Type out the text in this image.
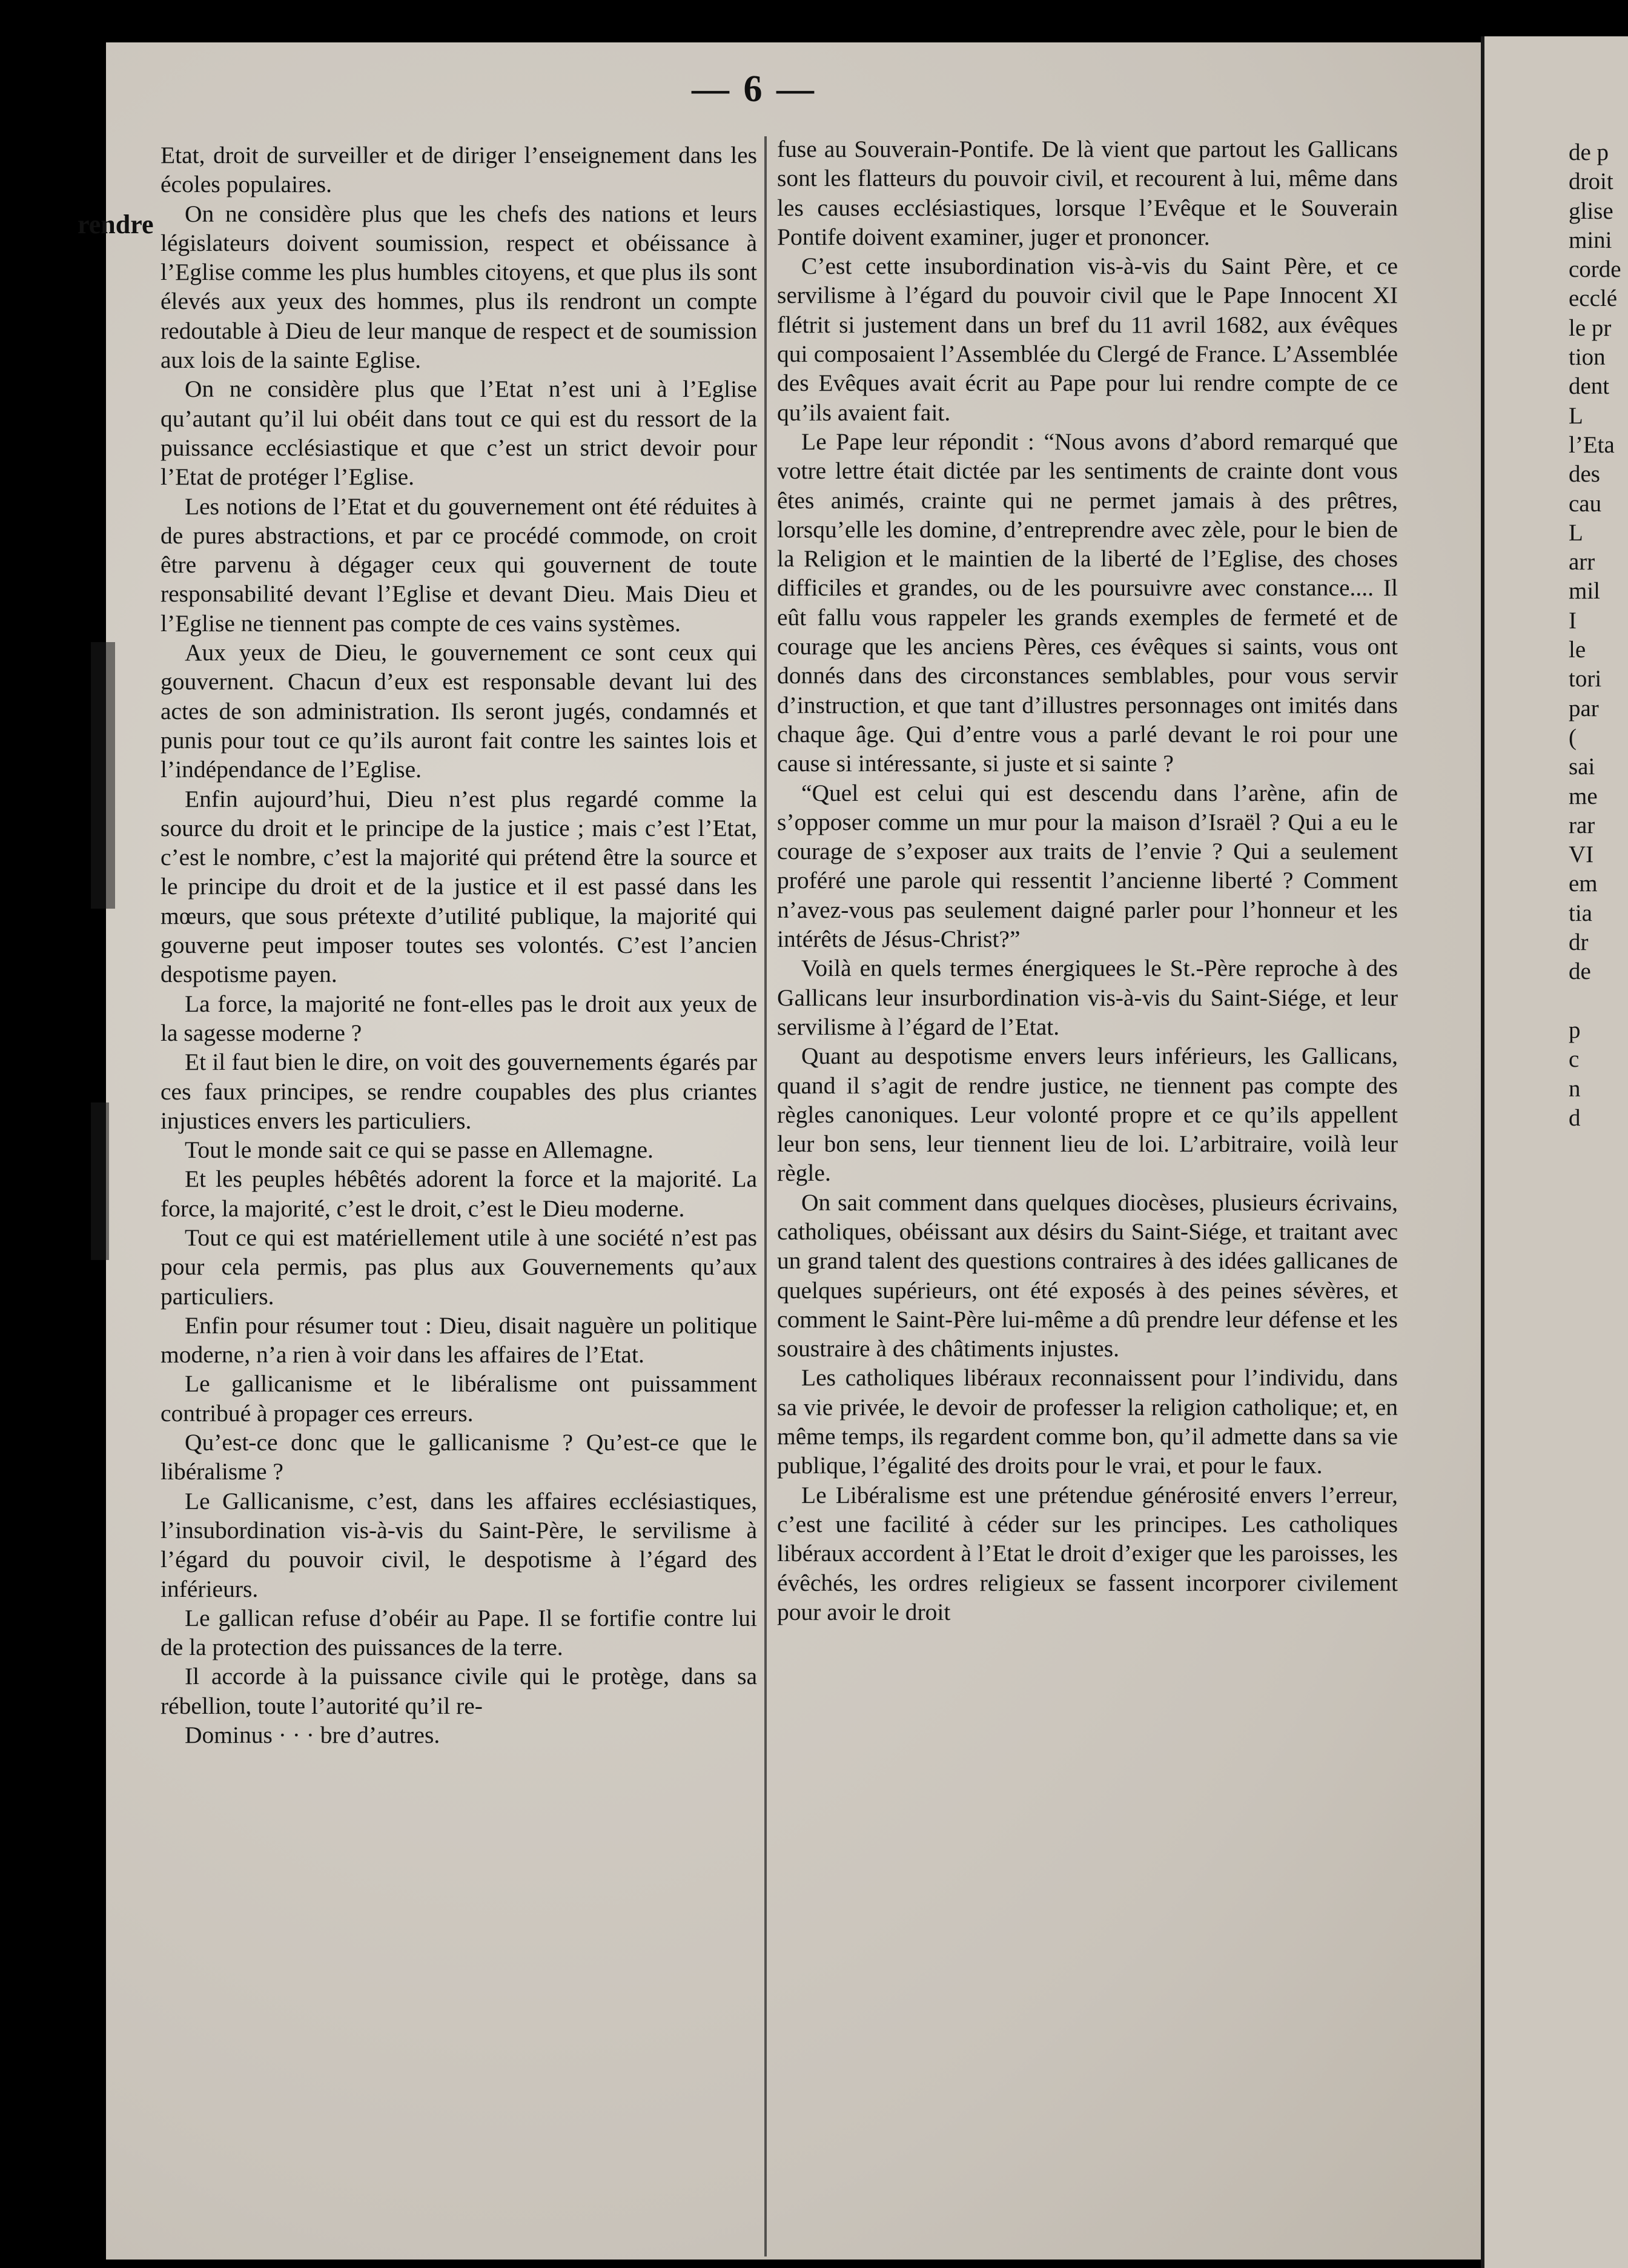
— 6 —
rendre

Etat, droit de surveiller et de diriger l’enseignement dans les écoles populaires.

On ne considère plus que les chefs des nations et leurs législateurs doivent soumission, respect et obéissance à l’Eglise comme les plus humbles citoyens, et que plus ils sont élevés aux yeux des hommes, plus ils rendront un compte redoutable à Dieu de leur manque de respect et de soumission aux lois de la sainte Eglise.

On ne considère plus que l’Etat n’est uni à l’Eglise qu’autant qu’il lui obéit dans tout ce qui est du ressort de la puissance ecclésiastique et que c’est un strict devoir pour l’Etat de protéger l’Eglise.

Les notions de l’Etat et du gouvernement ont été réduites à de pures abstractions, et par ce procédé commode, on croit être parvenu à dégager ceux qui gouvernent de toute responsabilité devant l’Eglise et devant Dieu. Mais Dieu et l’Eglise ne tiennent pas compte de ces vains systèmes.

Aux yeux de Dieu, le gouvernement ce sont ceux qui gouvernent. Chacun d’eux est responsable devant lui des actes de son administration. Ils seront jugés, condamnés et punis pour tout ce qu’ils auront fait contre les saintes lois et l’indépendance de l’Eglise.

Enfin aujourd’hui, Dieu n’est plus regardé comme la source du droit et le principe de la justice ; mais c’est l’Etat, c’est le nombre, c’est la majorité qui prétend être la source et le principe du droit et de la justice et il est passé dans les mœurs, que sous prétexte d’utilité publique, la majorité qui gouverne peut imposer toutes ses volontés. C’est l’ancien despotisme payen.

La force, la majorité ne font-elles pas le droit aux yeux de la sagesse moderne ?

Et il faut bien le dire, on voit des gouvernements égarés par ces faux principes, se rendre coupables des plus criantes injustices envers les particuliers.

Tout le monde sait ce qui se passe en Allemagne.

Et les peuples hébêtés adorent la force et la majorité. La force, la majorité, c’est le droit, c’est le Dieu moderne.

Tout ce qui est matériellement utile à une société n’est pas pour cela permis, pas plus aux Gouvernements qu’aux particuliers.

Enfin pour résumer tout : Dieu, disait naguère un politique moderne, n’a rien à voir dans les affaires de l’Etat.

Le gallicanisme et le libéralisme ont puissamment contribué à propager ces erreurs.

Qu’est-ce donc que le gallicanisme ? Qu’est-ce que le libéralisme ?

Le Gallicanisme, c’est, dans les affaires ecclésiastiques, l’insubordination vis-à-vis du Saint-Père, le servilisme à l’égard du pouvoir civil, le despotisme à l’égard des inférieurs.

Le gallican refuse d’obéir au Pape. Il se fortifie contre lui de la protection des puissances de la terre.

Il accorde à la puissance civile qui le protège, dans sa rébellion, toute l’autorité qu’il re-

Dominus · · · bre d’autres.

fuse au Souverain-Pontife. De là vient que partout les Gallicans sont les flatteurs du pouvoir civil, et recourent à lui, même dans les causes ecclésiastiques, lorsque l’Evêque et le Souverain Pontife doivent examiner, juger et prononcer.

C’est cette insubordination vis-à-vis du Saint Père, et ce servilisme à l’égard du pouvoir civil que le Pape Innocent XI flétrit si justement dans un bref du 11 avril 1682, aux évêques qui composaient l’Assemblée du Clergé de France. L’Assemblée des Evêques avait écrit au Pape pour lui rendre compte de ce qu’ils avaient fait.

Le Pape leur répondit : “Nous avons d’abord remarqué que votre lettre était dictée par les sentiments de crainte dont vous êtes animés, crainte qui ne permet jamais à des prêtres, lorsqu’elle les domine, d’entreprendre avec zèle, pour le bien de la Religion et le maintien de la liberté de l’Eglise, des choses difficiles et grandes, ou de les poursuivre avec constance.... Il eût fallu vous rappeler les grands exemples de fermeté et de courage que les anciens Pères, ces évêques si saints, vous ont donnés dans des circonstances semblables, pour vous servir d’instruction, et que tant d’illustres personnages ont imités dans chaque âge. Qui d’entre vous a parlé devant le roi pour une cause si intéressante, si juste et si sainte ?

“Quel est celui qui est descendu dans l’arène, afin de s’opposer comme un mur pour la maison d’Israël ? Qui a eu le courage de s’exposer aux traits de l’envie ? Qui a seulement proféré une parole qui ressentit l’ancienne liberté ? Comment n’avez-vous pas seulement daigné parler pour l’honneur et les intérêts de Jésus-Christ?”

Voilà en quels termes énergiquees le St.-Père reproche à des Gallicans leur insurbordination vis-à-vis du Saint-Siége, et leur servilisme à l’égard de l’Etat.

Quant au despotisme envers leurs inférieurs, les Gallicans, quand il s’agit de rendre justice, ne tiennent pas compte des règles canoniques. Leur volonté propre et ce qu’ils appellent leur bon sens, leur tiennent lieu de loi. L’arbitraire, voilà leur règle.

On sait comment dans quelques diocèses, plusieurs écrivains, catholiques, obéissant aux désirs du Saint-Siége, et traitant avec un grand talent des questions contraires à des idées gallicanes de quelques supérieurs, ont été exposés à des peines sévères, et comment le Saint-Père lui-même a dû prendre leur défense et les soustraire à des châtiments injustes.

Les catholiques libéraux reconnaissent pour l’individu, dans sa vie privée, le devoir de professer la religion catholique; et, en même temps, ils regardent comme bon, qu’il admette dans sa vie publique, l’égalité des droits pour le vrai, et pour le faux.

Le Libéralisme est une prétendue générosité envers l’erreur, c’est une facilité à céder sur les principes. Les catholiques libéraux accordent à l’Etat le droit d’exiger que les paroisses, les évêchés, les ordres religieux se fassent incorporer civilement pour avoir le droit

de p
droit
glise
mini
corde
ecclé
le pr
tion
dent
L
l’Eta
des
cau
L
arr
mil
I
le
tori
par
(
sai
me
rar
VI
em
tia
dr
de
p
c
n
d
